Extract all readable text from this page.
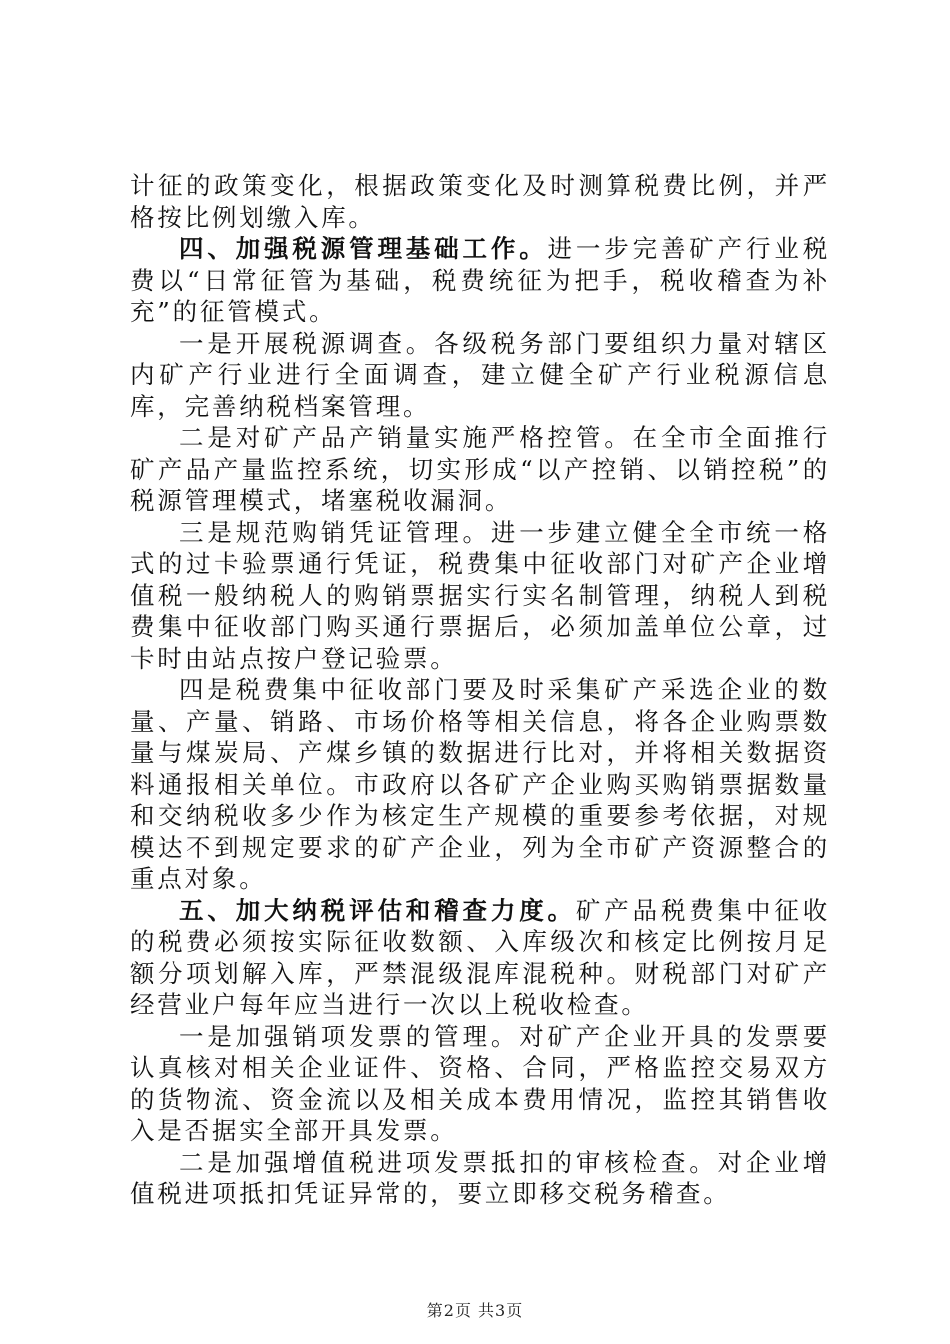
计征的政策变化，根据政策变化及时测算税费比例，并严格按比例划缴入库。

四、加强税源管理基础工作。进一步完善矿产行业税费以“日常征管为基础，税费统征为把手，税收稽查为补充”的征管模式。

一是开展税源调查。各级税务部门要组织力量对辖区内矿产行业进行全面调查，建立健全矿产行业税源信息库，完善纳税档案管理。

二是对矿产品产销量实施严格控管。在全市全面推行矿产品产量监控系统，切实形成“以产控销、以销控税”的税源管理模式，堵塞税收漏洞。

三是规范购销凭证管理。进一步建立健全全市统一格式的过卡验票通行凭证，税费集中征收部门对矿产企业增值税一般纳税人的购销票据实行实名制管理，纳税人到税费集中征收部门购买通行票据后，必须加盖单位公章，过卡时由站点按户登记验票。

四是税费集中征收部门要及时采集矿产采选企业的数量、产量、销路、市场价格等相关信息，将各企业购票数量与煤炭局、产煤乡镇的数据进行比对，并将相关数据资料通报相关单位。市政府以各矿产企业购买购销票据数量和交纳税收多少作为核定生产规模的重要参考依据，对规模达不到规定要求的矿产企业，列为全市矿产资源整合的重点对象。

五、加大纳税评估和稽查力度。矿产品税费集中征收的税费必须按实际征收数额、入库级次和核定比例按月足额分项划解入库，严禁混级混库混税种。财税部门对矿产经营业户每年应当进行一次以上税收检查。

一是加强销项发票的管理。对矿产企业开具的发票要认真核对相关企业证件、资格、合同，严格监控交易双方的货物流、资金流以及相关成本费用情况，监控其销售收入是否据实全部开具发票。

二是加强增值税进项发票抵扣的审核检查。对企业增值税进项抵扣凭证异常的，要立即移交税务稽查。

第2页 共3页
